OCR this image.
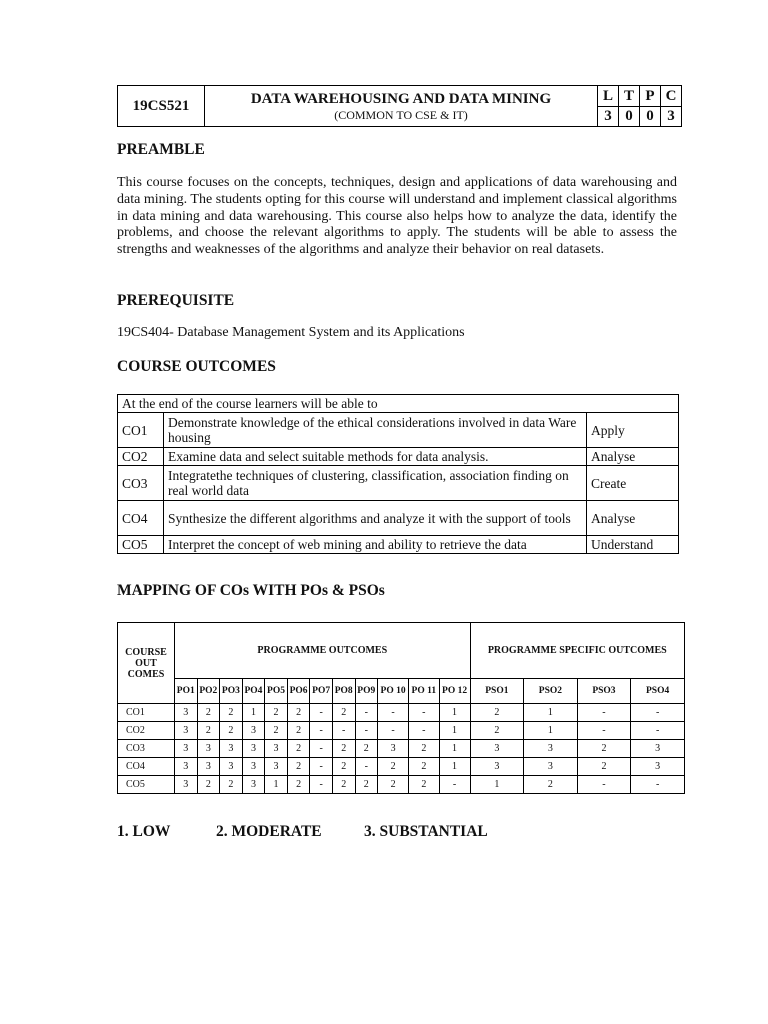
19CS521	DATA WAREHOUSING AND DATA MINING
(COMMON TO CSE & IT)	L	T	P	C
		3	0	0	3
PREAMBLE

This course focuses on the concepts, techniques, design and applications of data warehousing and data mining. The students opting for this course will understand and implement classical algorithms in data mining and data warehousing. This course also helps how to analyze the data, identify the problems, and choose the relevant algorithms to apply. The students will be able to assess the strengths and weaknesses of the algorithms and analyze their behavior on real datasets.

PREREQUISITE

19CS404- Database Management System and its Applications

COURSE OUTCOMES
At the end of the course learners will be able to		
CO1	Demonstrate knowledge of the ethical considerations involved in data Ware housing	Apply
CO2	Examine data and select suitable methods for data analysis.	Analyse
CO3	Integratethe techniques of clustering, classification, association finding on real world data	Create
CO4	Synthesize the different algorithms and analyze it with the support of tools	Analyse
CO5	Interpret the concept of web mining and ability to retrieve the data	Understand
MAPPING OF COs WITH POs & PSOs
COURSE OUT COMES	PROGRAMME OUTCOMES												PROGRAMME SPECIFIC OUTCOMES			
	PO1	PO2	PO3	PO4	PO5	PO6	PO7	PO8	PO9	PO 10	PO 11	PO 12	PSO1	PSO2	PSO3	PSO4
CO1	3	2	2	1	2	2	-	2	-	-	-	1	2	1	-	-
CO2	3	2	2	3	2	2	-	-	-	-	-	1	2	1	-	-
CO3	3	3	3	3	3	2	-	2	2	3	2	1	3	3	2	3
CO4	3	3	3	3	3	2	-	2	-	2	2	1	3	3	2	3
CO5	3	2	2	3	1	2	-	2	2	2	2	-	1	2	-	-
1. LOW	2. MODERATE	3. SUBSTANTIAL
